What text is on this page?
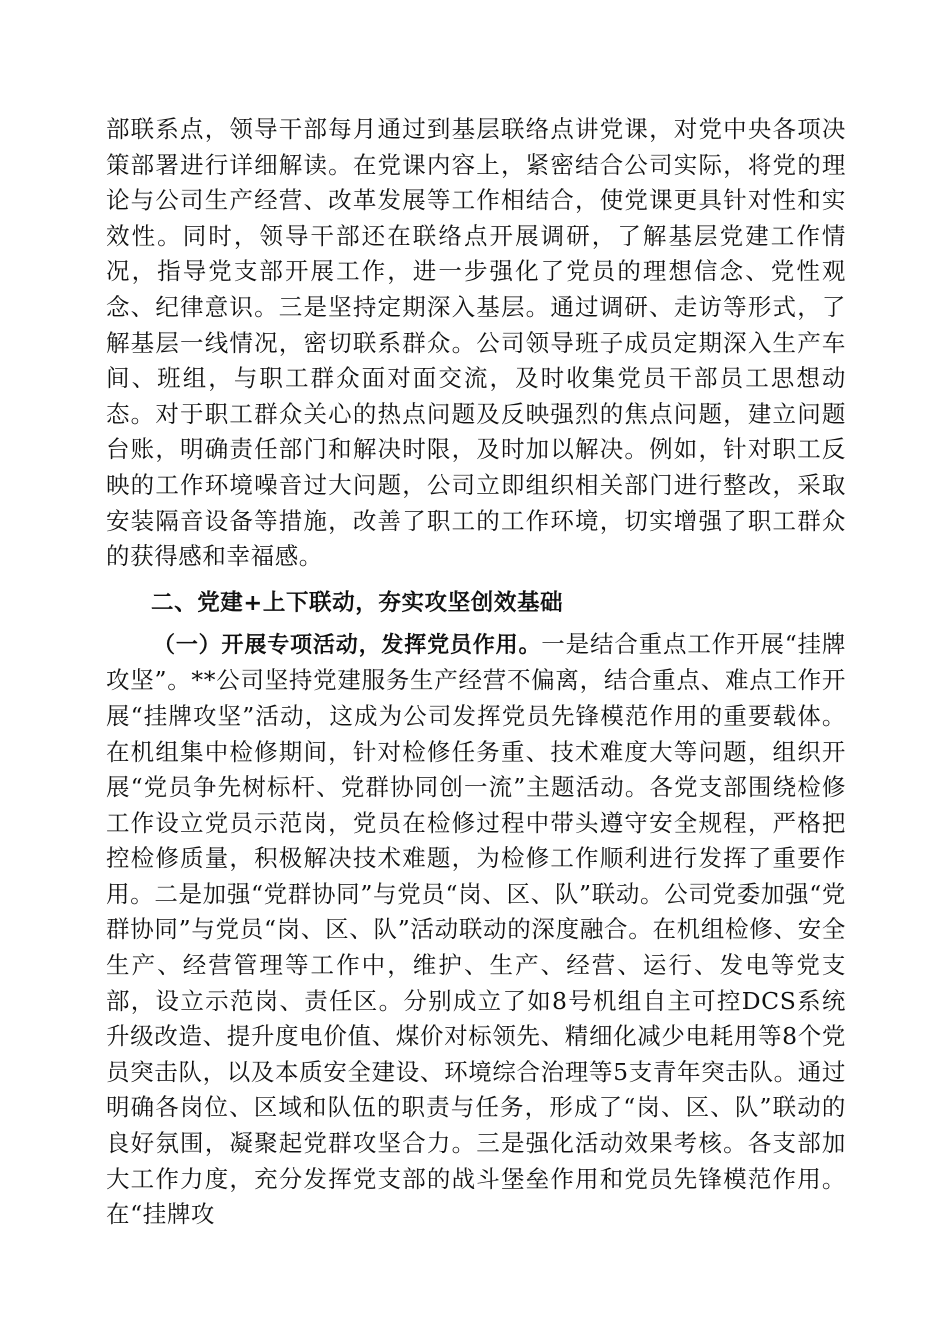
部联系点，领导干部每月通过到基层联络点讲党课，对党中央各项决策部署进行详细解读。在党课内容上，紧密结合公司实际，将党的理论与公司生产经营、改革发展等工作相结合，使党课更具针对性和实效性。同时，领导干部还在联络点开展调研，了解基层党建工作情况，指导党支部开展工作，进一步强化了党员的理想信念、党性观念、纪律意识。三是坚持定期深入基层。通过调研、走访等形式，了解基层一线情况，密切联系群众。公司领导班子成员定期深入生产车间、班组，与职工群众面对面交流，及时收集党员干部员工思想动态。对于职工群众关心的热点问题及反映强烈的焦点问题，建立问题台账，明确责任部门和解决时限，及时加以解决。例如，针对职工反映的工作环境噪音过大问题，公司立即组织相关部门进行整改，采取安装隔音设备等措施，改善了职工的工作环境，切实增强了职工群众的获得感和幸福感。

二、党建+上下联动，夯实攻坚创效基础

（一）开展专项活动，发挥党员作用。一是结合重点工作开展“挂牌攻坚”。**公司坚持党建服务生产经营不偏离，结合重点、难点工作开展“挂牌攻坚”活动，这成为公司发挥党员先锋模范作用的重要载体。在机组集中检修期间，针对检修任务重、技术难度大等问题，组织开展“党员争先树标杆、党群协同创一流”主题活动。各党支部围绕检修工作设立党员示范岗，党员在检修过程中带头遵守安全规程，严格把控检修质量，积极解决技术难题，为检修工作顺利进行发挥了重要作用。二是加强“党群协同”与党员“岗、区、队”联动。公司党委加强“党群协同”与党员“岗、区、队”活动联动的深度融合。在机组检修、安全生产、经营管理等工作中，维护、生产、经营、运行、发电等党支部，设立示范岗、责任区。分别成立了如8号机组自主可控DCS系统升级改造、提升度电价值、煤价对标领先、精细化减少电耗用等8个党员突击队，以及本质安全建设、环境综合治理等5支青年突击队。通过明确各岗位、区域和队伍的职责与任务，形成了“岗、区、队”联动的良好氛围，凝聚起党群攻坚合力。三是强化活动效果考核。各支部加大工作力度，充分发挥党支部的战斗堡垒作用和党员先锋模范作用。在“挂牌攻
